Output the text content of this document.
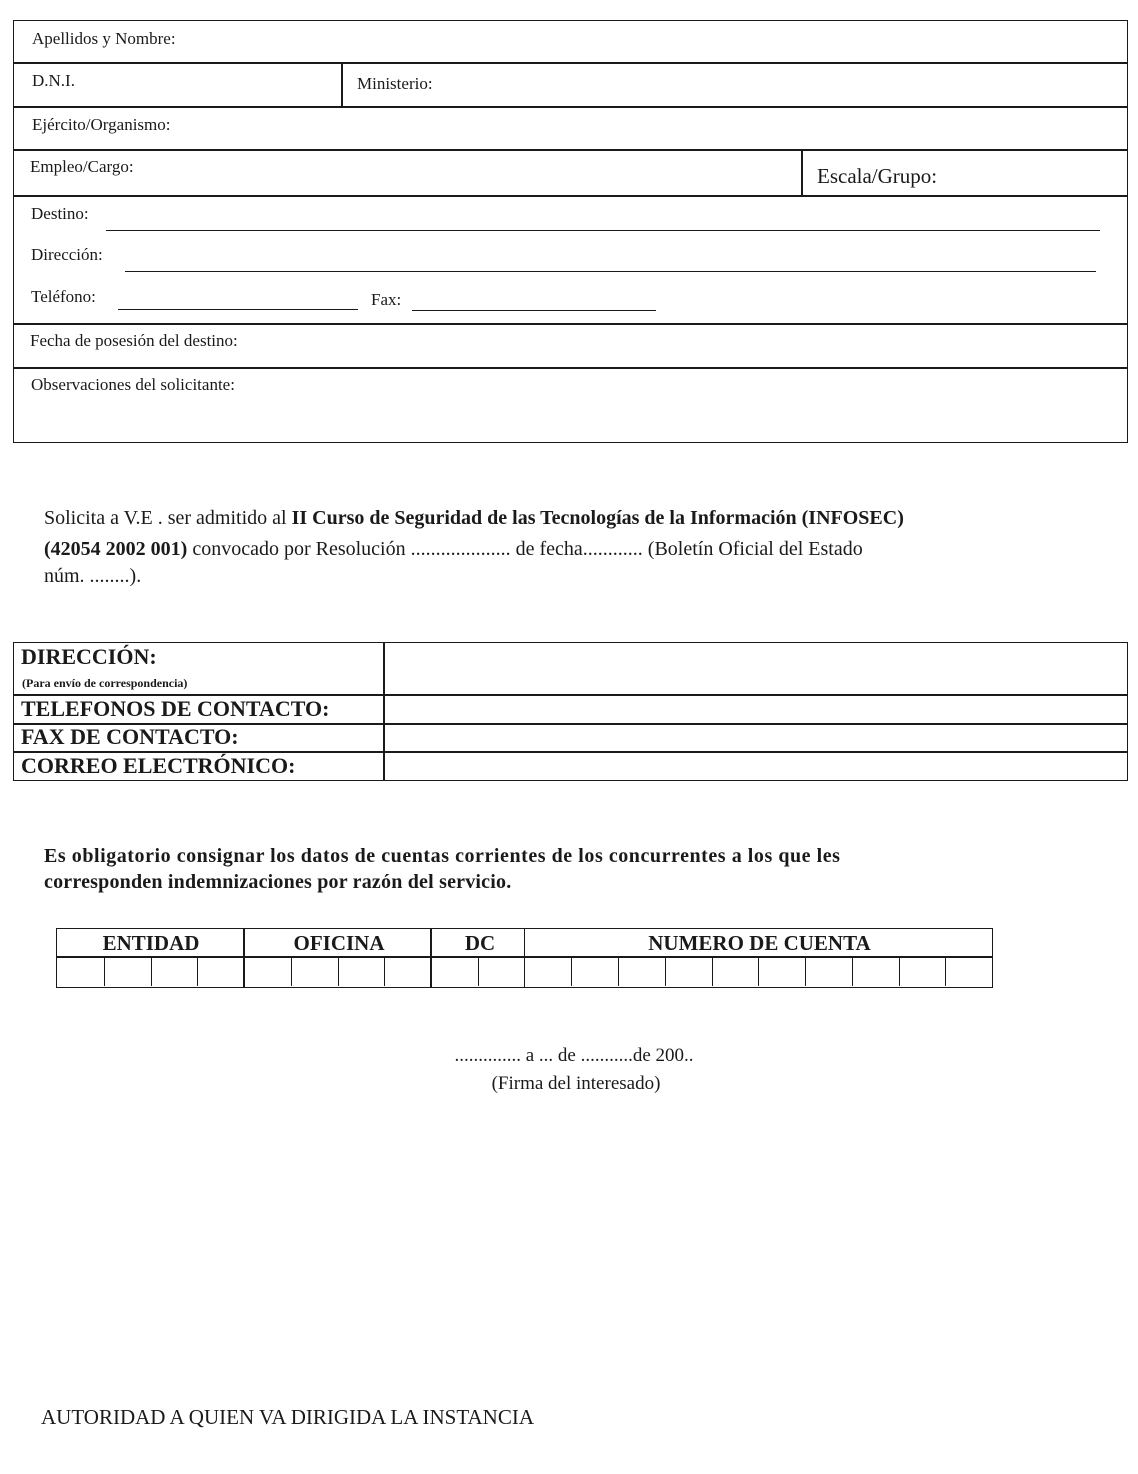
Apellidos y Nombre:
D.N.I.	Ministerio:
Ejército/Organismo:
Empleo/Cargo:	Escala/Grupo:
Destino:
Dirección:
Teléfono:	Fax:
Fecha de posesión del destino:
Observaciones del solicitante:
Solicita a V.E . ser admitido al II Curso de Seguridad de las Tecnologías de la Información (INFOSEC)
(42054 2002 001) convocado por Resolución .................... de fecha............ (Boletín Oficial del Estado
núm. ........).
DIRECCIÓN:
(Para envío de correspondencia)
TELEFONOS DE CONTACTO:
FAX DE CONTACTO:
CORREO ELECTRÓNICO:
Es obligatorio consignar los datos de cuentas corrientes de los concurrentes a los que les
corresponden indemnizaciones por razón del servicio.
ENTIDAD	OFICINA	DC	NUMERO DE CUENTA
.............. a ... de ...........de 200..
(Firma del interesado)
AUTORIDAD A QUIEN VA DIRIGIDA LA INSTANCIA
